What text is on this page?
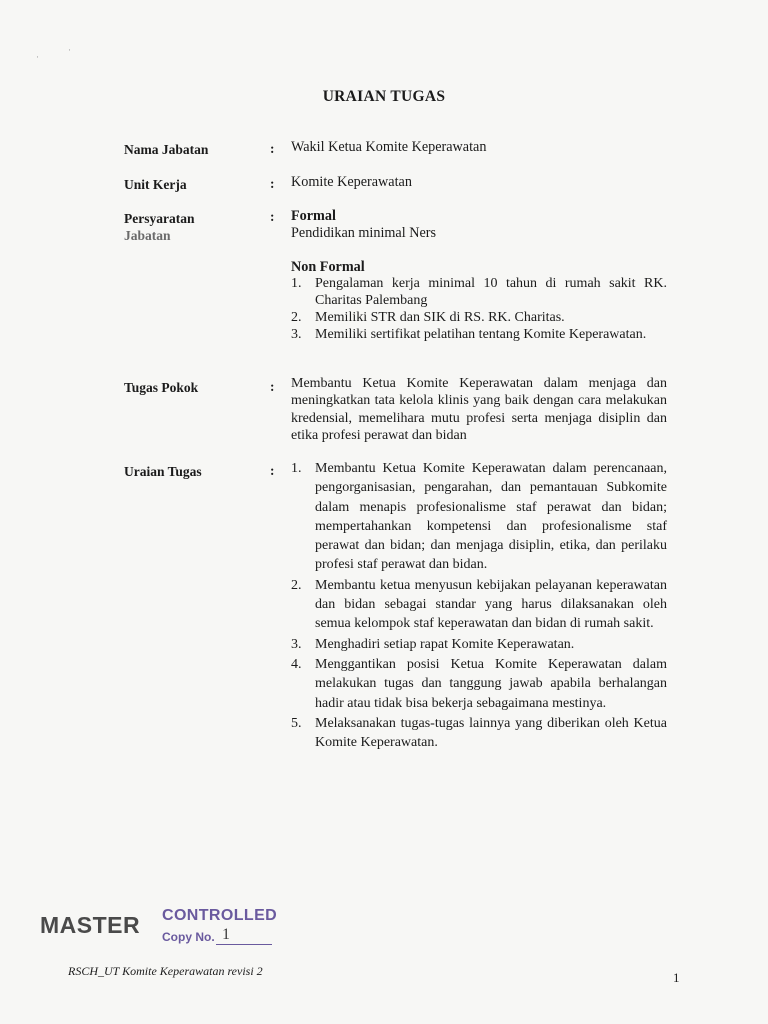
·
·
URAIAN TUGAS
Nama Jabatan	: Wakil Ketua Komite Keperawatan
Unit Kerja	: Komite Keperawatan
Persyaratan
Jabatan
: Formal
Pendidikan minimal Ners
Non Formal
1. Pengalaman kerja minimal 10 tahun di rumah sakit RK. Charitas Palembang
2. Memiliki STR dan SIK di RS. RK. Charitas.
3. Memiliki sertifikat pelatihan tentang Komite Keperawatan.
Tugas Pokok	: Membantu Ketua Komite Keperawatan dalam menjaga dan meningkatkan tata kelola klinis yang baik dengan cara melakukan kredensial, memelihara mutu profesi serta menjaga disiplin dan etika profesi perawat dan bidan

Uraian Tugas	: 1. Membantu Ketua Komite Keperawatan dalam perencanaan, pengorganisasian, pengarahan, dan pemantauan Subkomite dalam menapis profesionalisme staf perawat dan bidan; mempertahankan kompetensi dan profesionalisme staf perawat dan bidan; dan menjaga disiplin, etika, dan perilaku profesi staf perawat dan bidan.
2. Membantu ketua menyusun kebijakan pelayanan keperawatan dan bidan sebagai standar yang harus dilaksanakan oleh semua kelompok staf keperawatan dan bidan di rumah sakit.
3. Menghadiri setiap rapat Komite Keperawatan.
4. Menggantikan posisi Ketua Komite Keperawatan dalam melakukan tugas dan tanggung jawab apabila berhalangan hadir atau tidak bisa bekerja sebagaimana mestinya.
5. Melaksanakan tugas-tugas lainnya yang diberikan oleh Ketua Komite Keperawatan.
MASTER CONTROLLED
Copy No. 1
RSCH_UT Komite Keperawatan revisi 2	1
